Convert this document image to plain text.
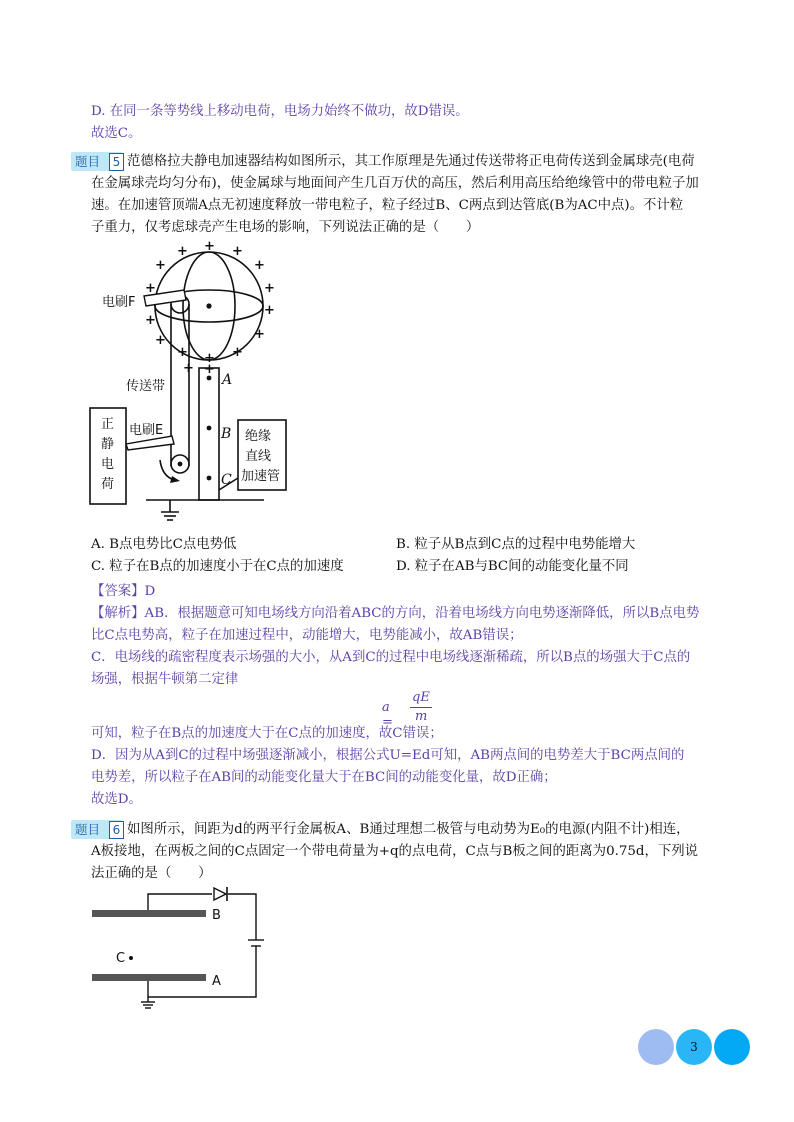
D. 在同一条等势线上移动电荷，电场力始终不做功，故D错误。
故选C。
题目	5 范德格拉夫静电加速器结构如图所示，其工作原理是先通过传送带将正电荷传送到金属球壳(电荷
在金属球壳均匀分布)，使金属球与地面间产生几百万伏的高压，然后利用高压给绝缘管中的带电粒子加
速。在加速管顶端A点无初速度释放一带电粒子，粒子经过B、C两点到达管底(B为AC中点)。不计粒
子重力，仅考虑球壳产生电场的影响，下列说法正确的是（　　）
+
+	+
+	+
+	+
+
+
+
+
+
+ +
+
+
电刷F
传送带
电刷E
正
静
电
荷
绝缘
直线
加速管
A
B
C
A. B点电势比C点电势低	B. 粒子从B点到C点的过程中电势能增大
C. 粒子在B点的加速度小于在C点的加速度	D. 粒子在AB与BC间的动能变化量不同
【答案】D
【解析】AB．根据题意可知电场线方向沿着ABC的方向，沿着电场线方向电势逐渐降低，所以B点电势
比C点电势高，粒子在加速过程中，动能增大，电势能减小，故AB错误；
C．电场线的疏密程度表示场强的大小，从A到C的过程中电场线逐渐稀疏，所以B点的场强大于C点的
场强，根据牛顿第二定律
a =
qE
m
可知，粒子在B点的加速度大于在C点的加速度，故C错误；
D．因为从A到C的过程中场强逐渐减小，根据公式U=Ed可知，AB两点间的电势差大于BC两点间的
电势差，所以粒子在AB间的动能变化量大于在BC间的动能变化量，故D正确；
故选D。
题目	6 如图所示，间距为d的两平行金属板A、B通过理想二极管与电动势为E₀的电源(内阻不计)相连，
A板接地，在两板之间的C点固定一个带电荷量为+q的点电荷，C点与B板之间的距离为0.75d，下列说
法正确的是（　　）
B
A
C
3
